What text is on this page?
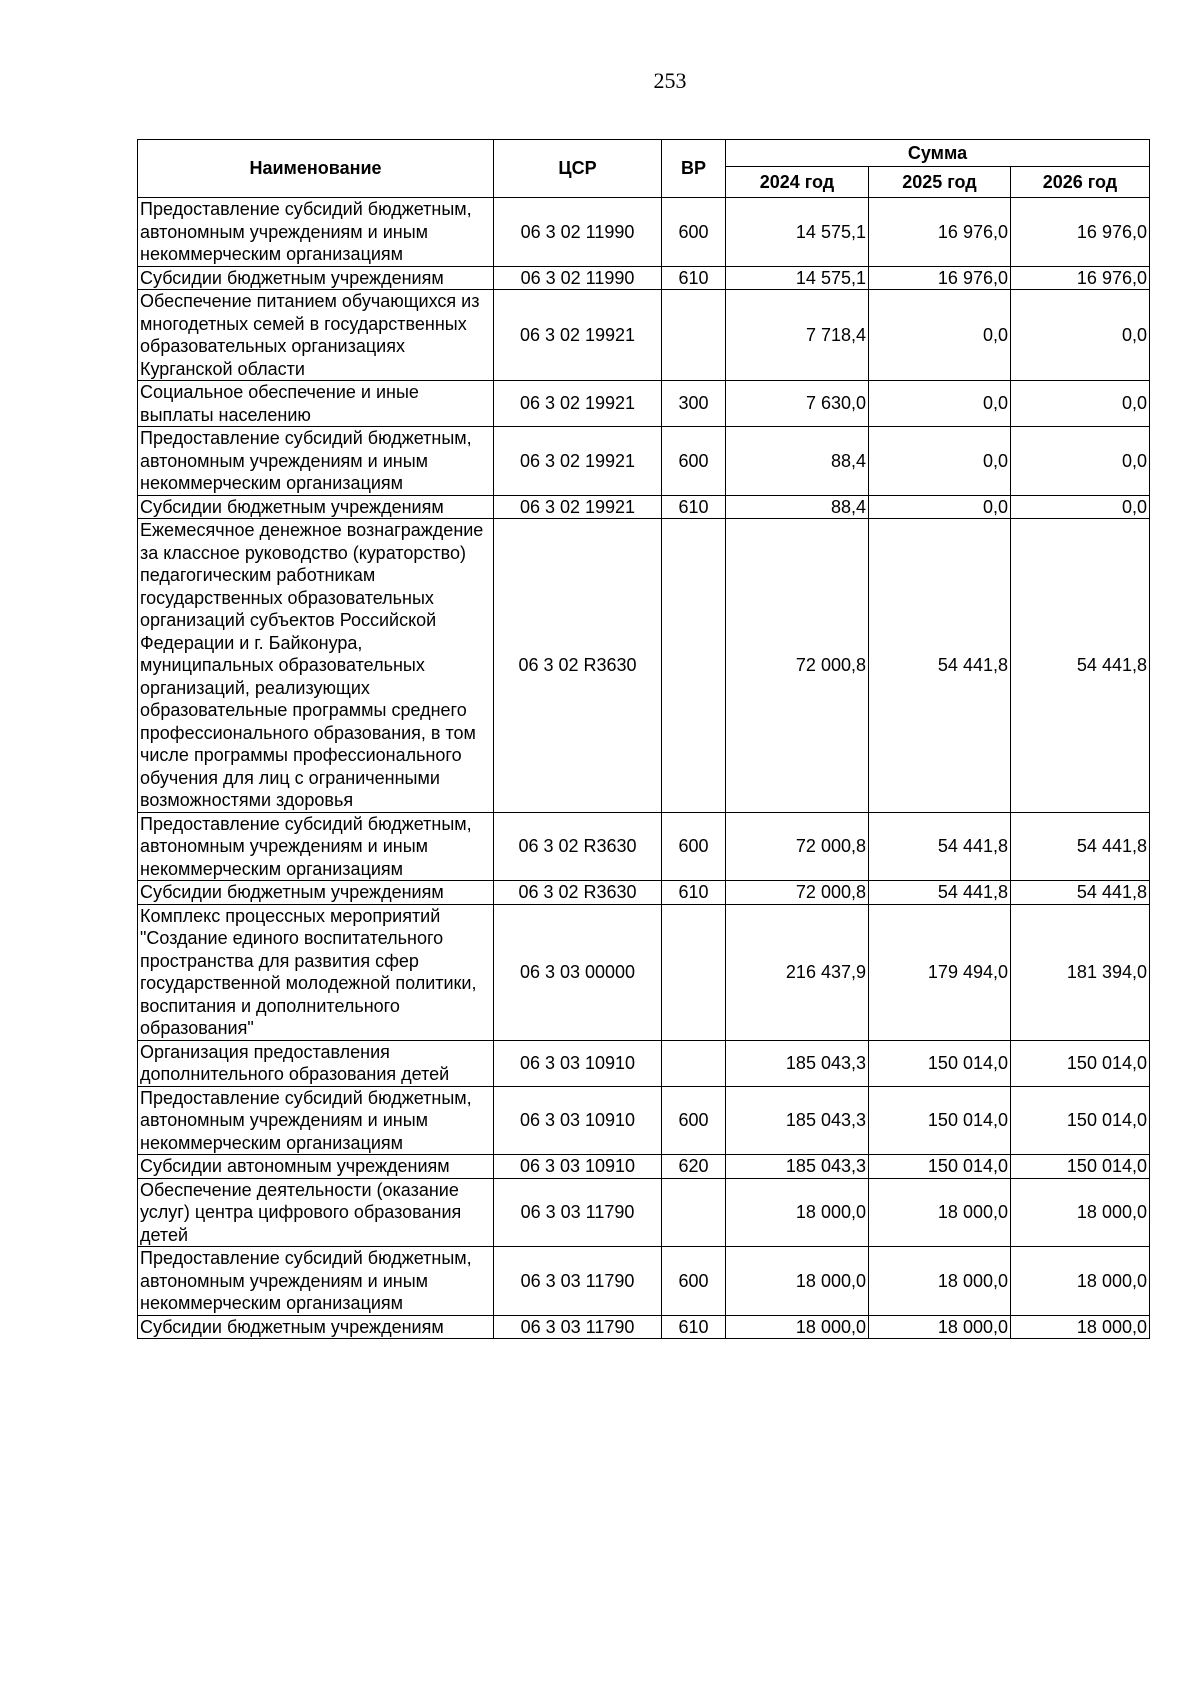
253
Наименование	ЦСР	ВР	Сумма		
			2024 год	2025 год	2026 год
Предоставление субсидий бюджетным, автономным учреждениям и иным некоммерческим организациям	06 3 02 11990	600	14 575,1	16 976,0	16 976,0
Субсидии бюджетным учреждениям	06 3 02 11990	610	14 575,1	16 976,0	16 976,0
Обеспечение питанием обучающихся из многодетных семей в государственных образовательных организациях Курганской области	06 3 02 19921		7 718,4	0,0	0,0
Социальное обеспечение и иные выплаты населению	06 3 02 19921	300	7 630,0	0,0	0,0
Предоставление субсидий бюджетным, автономным учреждениям и иным некоммерческим организациям	06 3 02 19921	600	88,4	0,0	0,0
Субсидии бюджетным учреждениям	06 3 02 19921	610	88,4	0,0	0,0
Ежемесячное денежное вознаграждение за классное руководство (кураторство) педагогическим работникам государственных образовательных организаций субъектов Российской Федерации и г. Байконура, муниципальных образовательных организаций, реализующих образовательные программы среднего профессионального образования, в том числе программы профессионального обучения для лиц с ограниченными возможностями здоровья	06 3 02 R3630		72 000,8	54 441,8	54 441,8
Предоставление субсидий бюджетным, автономным учреждениям и иным некоммерческим организациям	06 3 02 R3630	600	72 000,8	54 441,8	54 441,8
Субсидии бюджетным учреждениям	06 3 02 R3630	610	72 000,8	54 441,8	54 441,8
Комплекс процессных мероприятий "Создание единого воспитательного пространства для развития сфер государственной молодежной политики, воспитания и дополнительного образования"	06 3 03 00000		216 437,9	179 494,0	181 394,0
Организация предоставления дополнительного образования детей	06 3 03 10910		185 043,3	150 014,0	150 014,0
Предоставление субсидий бюджетным, автономным учреждениям и иным некоммерческим организациям	06 3 03 10910	600	185 043,3	150 014,0	150 014,0
Субсидии автономным учреждениям	06 3 03 10910	620	185 043,3	150 014,0	150 014,0
Обеспечение деятельности (оказание услуг) центра цифрового образования детей	06 3 03 11790		18 000,0	18 000,0	18 000,0
Предоставление субсидий бюджетным, автономным учреждениям и иным некоммерческим организациям	06 3 03 11790	600	18 000,0	18 000,0	18 000,0
Субсидии бюджетным учреждениям	06 3 03 11790	610	18 000,0	18 000,0	18 000,0
